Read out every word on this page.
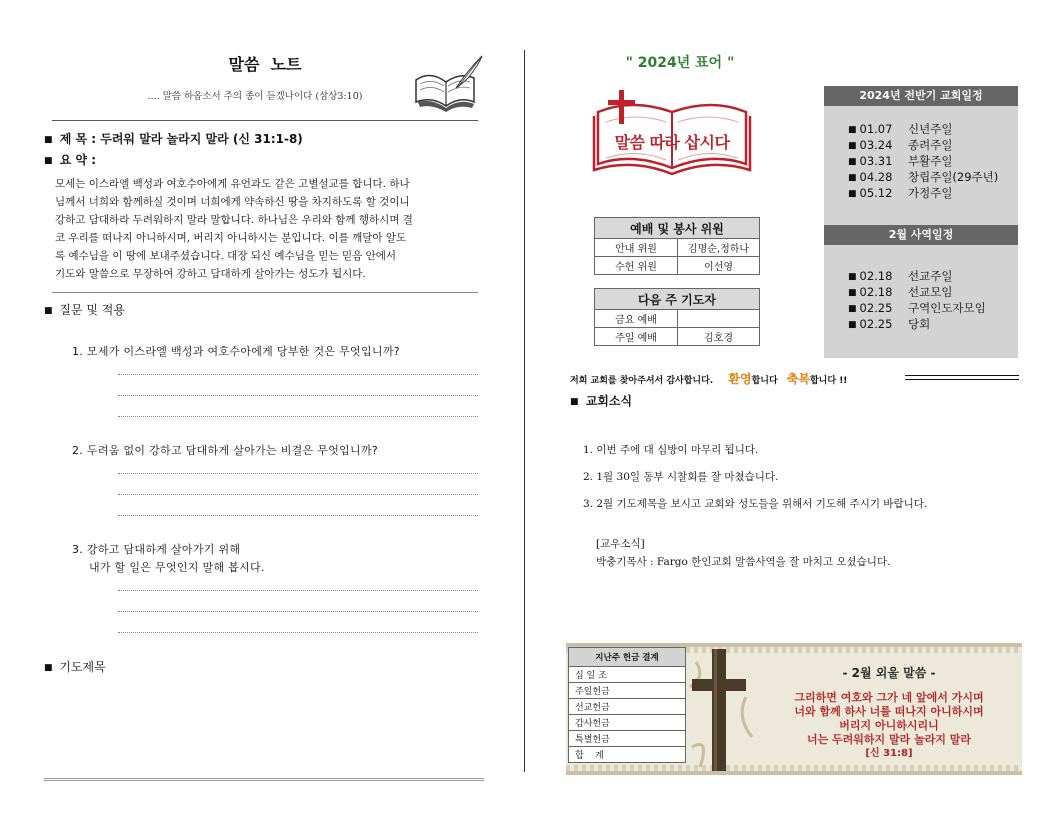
말씀  노트
.... 말씀 하옵소서 주의 종이 듣겠나이다 (삼상3:10)
■ 제 목 : 두려워 말라 놀라지 말라 (신 31:1-8)
■ 요 약 :
모세는 이스라엘 백성과 여호수아에게 유언과도 같은 고별설교를 합니다. 하나
님께서 너희와 함께하실 것이며 너희에게 약속하신 땅을 차지하도록 할 것이니
강하고 담대하라 두려워하지 말라 말합니다. 하나님은 우리와 함께 행하시며 결
코 우리를 떠나지 아니하시며, 버리지 아니하시는 분입니다. 이를 깨달아 알도
록 예수님을 이 땅에 보내주셨습니다. 대장 되신 예수님을 믿는 믿음 안에서
기도와 말씀으로 무장하여 강하고 담대하게 살아가는 성도가 됩시다.
■ 질문 및 적용
1. 모세가 이스라엘 백성과 여호수아에게 당부한 것은 무엇입니까?
2. 두려움 없이 강하고 담대하게 살아가는 비결은 무엇입니까?
3. 강하고 담대하게 살아가기 위해
내가 할 일은 무엇인지 말해 봅시다.
■ 기도제목
" 2024년 표어 "
말씀 따라 삽시다
예배 및 봉사 위원	
안내 위원	김명순,정하나
수헌 위원	이선영
다음 주 기도자	
금요 예배	
주일 예배	김호경
2024년 전반기 교회일정
■ 01.07 신년주일
■ 03.24 종려주일
■ 03.31 부활주일
■ 04.28 창립주일(29주년)
■ 05.12 가정주일
2월 사역일정
■ 02.18 선교주일
■ 02.18 선교모임
■ 02.25 구역인도자모임
■ 02.25 당회
저희 교회를 찾아주셔서 감사합니다. 환영합니다 축복합니다 !!
■ 교회소식
1. 이번 주에 대 심방이 마무리 됩니다.
2. 1월 30일 동부 시찰회를 잘 마쳤습니다.
3. 2월 기도제목을 보시고 교회와 성도들을 위해서 기도해 주시기 바랍니다.
[교우소식]
박충기목사 : Fargo 한인교회 말씀사역을 잘 마치고 오셨습니다.
지난주 헌금 결계
십 일 조
주일헌금
선교헌금
감사헌금
특별헌금
합    계
- 2월 외울 말씀 -
그리하면 여호와 그가 네 앞에서 가시며
너와 함께 하사 너를 떠나지 아니하시며
버리지 아니하시리니
너는 두려워하지 말라 놀라지 말라
[신 31:8]
